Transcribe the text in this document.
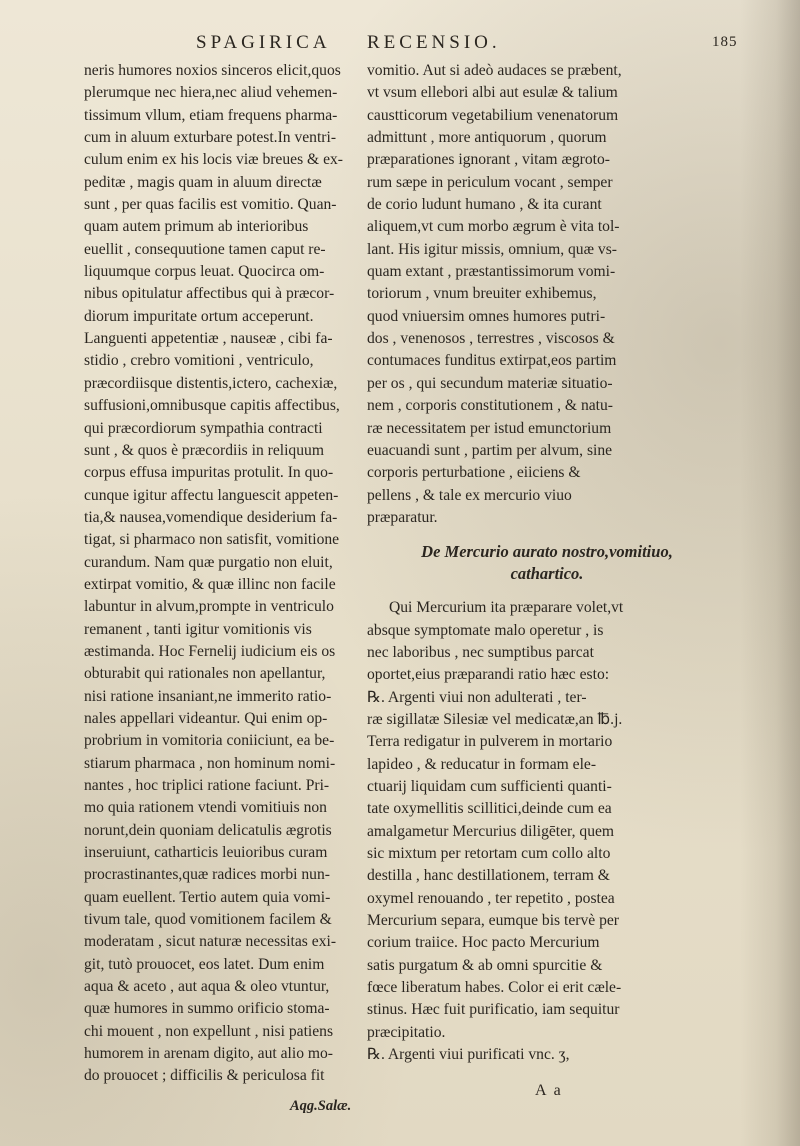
SPAGIRICA RECENSIO.	185
neris humores noxios sinceros elicit,quos
plerumque nec hiera,nec aliud vehemen-
tissimum vllum, etiam frequens pharma-
cum in aluum exturbare potest.In ventri-
culum enim ex his locis viæ breues & ex-
peditæ , magis quam in aluum directæ
sunt , per quas facilis est vomitio. Quan-
quam autem primum ab interioribus
euellit , consequutione tamen caput re-
liquumque corpus leuat. Quocirca om-
nibus opitulatur affectibus qui à præcor-
diorum impuritate ortum acceperunt.
Languenti appetentiæ , nauseæ , cibi fa-
stidio , crebro vomitioni , ventriculo,
præcordiisque distentis,ictero, cachexiæ,
suffusioni,omnibusque capitis affectibus,
qui præcordiorum sympathia contracti
sunt , & quos è præcordiis in reliquum
corpus effusa impuritas protulit. In quo-
cunque igitur affectu languescit appeten-
tia,& nausea,vomendique desiderium fa-
tigat, si pharmaco non satisfit, vomitione
curandum. Nam quæ purgatio non eluit,
extirpat vomitio, & quæ illinc non facile
labuntur in alvum,prompte in ventriculo
remanent , tanti igitur vomitionis vis
æstimanda. Hoc Fernelij iudicium eis os
obturabit qui rationales non apellantur,
nisi ratione insaniant,ne immerito ratio-
nales appellari videantur. Qui enim op-
probrium in vomitoria coniiciunt, ea be-
stiarum pharmaca , non hominum nomi-
nantes , hoc triplici ratione faciunt. Pri-
mo quia rationem vtendi vomitiuis non
norunt,dein quoniam delicatulis ægrotis
inseruiunt, catharticis leuioribus curam
procrastinantes,quæ radices morbi nun-
quam euellent. Tertio autem quia vomi-
tivum tale, quod vomitionem facilem &
moderatam , sicut naturæ necessitas exi-
git, tutò prouocet, eos latet. Dum enim
aqua & aceto , aut aqua & oleo vtuntur,
quæ humores in summo orificio stoma-
chi mouent , non expellunt , nisi patiens
humorem in arenam digito, aut alio mo-
do prouocet ; difficilis & periculosa fit
vomitio. Aut si adeò audaces se præbent,
vt vsum ellebori albi aut esulæ & talium
caustticorum vegetabilium venenatorum
admittunt , more antiquorum , quorum
præparationes ignorant , vitam ægroto-
rum sæpe in periculum vocant , semper
de corio ludunt humano , & ita curant
aliquem,vt cum morbo ægrum è vita tol-
lant. His igitur missis, omnium, quæ vs-
quam extant , præstantissimorum vomi-
toriorum , vnum breuiter exhibemus,
quod vniuersim omnes humores putri-
dos , venenosos , terrestres , viscosos &
contumaces funditus extirpat,eos partim
per os , qui secundum materiæ situatio-
nem , corporis constitutionem , & natu-
ræ necessitatem per istud emunctorium
euacuandi sunt , partim per alvum, sine
corporis perturbatione , eiiciens &
pellens , & tale ex mercurio viuo
præparatur.
De Mercurio aurato nostro,vomitiuo,
cathartico.
Qui Mercurium ita præparare volet,vt
absque symptomate malo operetur , is
nec laboribus , nec sumptibus parcat
oportet,eius præparandi ratio hæc esto:
℞. Argenti viui non adulterati , ter-
ræ sigillatæ Silesiæ vel medicatæ,an ℔.j.
Terra redigatur in pulverem in mortario
lapideo , & reducatur in formam ele-
ctuarij liquidam cum sufficienti quanti-
tate oxymellitis scillitici,deinde cum ea
amalgametur Mercurius diligēter, quem
sic mixtum per retortam cum collo alto
destilla , hanc destillationem, terram &
oxymel renouando , ter repetito , postea
Mercurium separa, eumque bis tervè per
corium traiice. Hoc pacto Mercurium
satis purgatum & ab omni spurcitie &
fœce liberatum habes. Color ei erit cæle-
stinus. Hæc fuit purificatio, iam sequitur
præcipitatio.
℞. Argenti viui purificati vnc. ʒ,
A a
Aqg.Salæ.
